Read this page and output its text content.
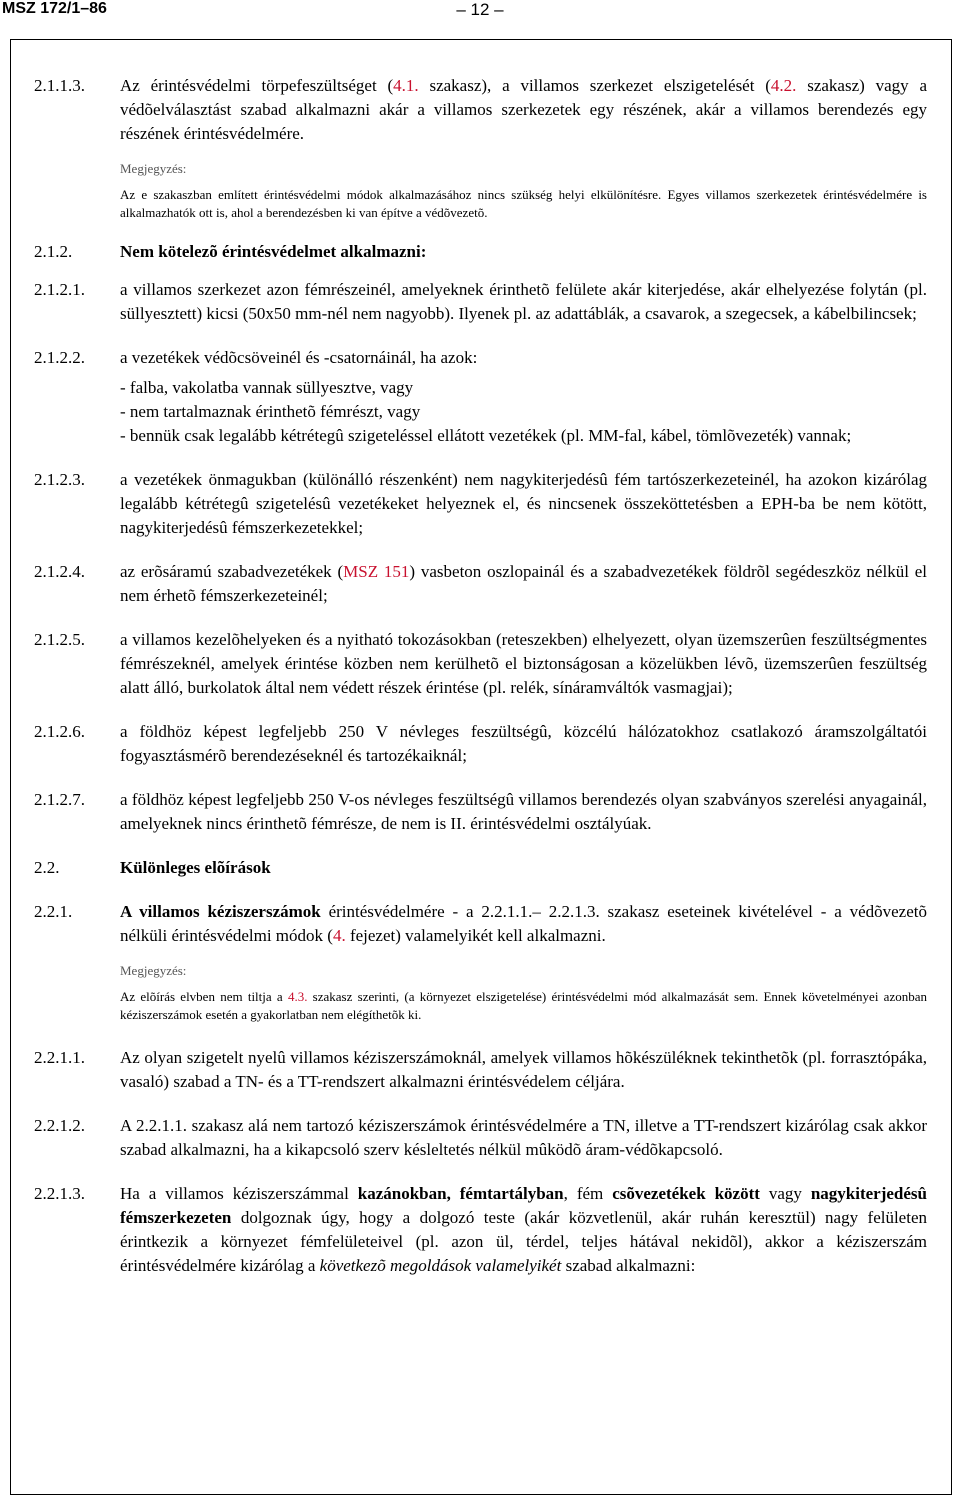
– 12 –
MSZ 172/1–86
2.1.1.3.	Az érintésvédelmi törpefeszültséget (4.1. szakasz), a villamos szerkezet elszigetelését (4.2. szakasz) vagy a védõelválasztást szabad alkalmazni akár a villamos szerkezetek egy részének, akár a villamos berendezés egy részének érintésvédelmére.
Megjegyzés:
Az e szakaszban említett érintésvédelmi módok alkalmazásához nincs szükség helyi elkülönítésre. Egyes villamos szerkezetek érintésvédelmére is alkalmazhatók ott is, ahol a berendezésben ki van építve a védõvezetõ.
2.1.2.	Nem kötelezõ érintésvédelmet alkalmazni:
2.1.2.1.	a villamos szerkezet azon fémrészeinél, amelyeknek érinthetõ felülete akár kiterjedése, akár elhelyezése folytán (pl. süllyesztett) kicsi (50x50 mm-nél nem nagyobb). Ilyenek pl. az adattáblák, a csavarok, a szegecsek, a kábelbilincsek;
2.1.2.2.	a vezetékek védõcsöveinél és -csatornáinál, ha azok:
- falba, vakolatba vannak süllyesztve, vagy
- nem tartalmaznak érinthetõ fémrészt, vagy
- bennük csak legalább kétrétegû szigeteléssel ellátott vezetékek (pl. MM-fal, kábel, tömlõvezeték) vannak;
2.1.2.3.	a vezetékek önmagukban (különálló részenként) nem nagykiterjedésû fém tartószerkezeteinél, ha azokon kizárólag legalább kétrétegû szigetelésû vezetékeket helyeznek el, és nincsenek összeköttetésben a EPH-ba be nem kötött, nagykiterjedésû fémszerkezetekkel;
2.1.2.4.	az erõsáramú szabadvezetékek (MSZ 151) vasbeton oszlopainál és a szabadvezetékek földrõl segédeszköz nélkül el nem érhetõ fémszerkezeteinél;
2.1.2.5.	a villamos kezelõhelyeken és a nyitható tokozásokban (reteszekben) elhelyezett, olyan üzemszerûen feszültségmentes fémrészeknél, amelyek érintése közben nem kerülhetõ el biztonságosan a közelükben lévõ, üzemszerûen feszültség alatt álló, burkolatok által nem védett részek érintése (pl. relék, sínáramváltók vasmagjai);
2.1.2.6.	a földhöz képest legfeljebb 250 V névleges feszültségû, közcélú hálózatokhoz csatlakozó áramszolgáltatói fogyasztásmérõ berendezéseknél és tartozékaiknál;
2.1.2.7.	a földhöz képest legfeljebb 250 V-os névleges feszültségû villamos berendezés olyan szabványos szerelési anyagainál, amelyeknek nincs érinthetõ fémrésze, de nem is II. érintésvédelmi osztályúak.
2.2.	Különleges elõírások
2.2.1.	A villamos kéziszerszámok érintésvédelmére - a 2.2.1.1.– 2.2.1.3. szakasz eseteinek kivételével - a védõvezetõ nélküli érintésvédelmi módok (4. fejezet) valamelyikét kell alkalmazni.
Megjegyzés:
Az elõírás elvben nem tiltja a 4.3. szakasz szerinti, (a környezet elszigetelése) érintésvédelmi mód alkalmazását sem. Ennek követelményei azonban kéziszerszámok esetén a gyakorlatban nem elégíthetõk ki.
2.2.1.1.	Az olyan szigetelt nyelû villamos kéziszerszámoknál, amelyek villamos hõkészüléknek tekinthetõk (pl. forrasztópáka, vasaló) szabad a TN- és a TT-rendszert alkalmazni érintésvédelem céljára.
2.2.1.2.	A 2.2.1.1. szakasz alá nem tartozó kéziszerszámok érintésvédelmére a TN, illetve a TT-rendszert kizárólag csak akkor szabad alkalmazni, ha a kikapcsoló szerv késleltetés nélkül mûködõ áram-védõkapcsoló.
2.2.1.3.	Ha a villamos kéziszerszámmal kazánokban, fémtartályban, fém csõvezetékek között vagy nagykiterjedésû fémszerkezeten dolgoznak úgy, hogy a dolgozó teste (akár közvetlenül, akár ruhán keresztül) nagy felületen érintkezik a környezet fémfelületeivel (pl. azon ül, térdel, teljes hátával nekidõl), akkor a kéziszerszám érintésvédelmére kizárólag a következõ megoldások valamelyikét szabad alkalmazni:
